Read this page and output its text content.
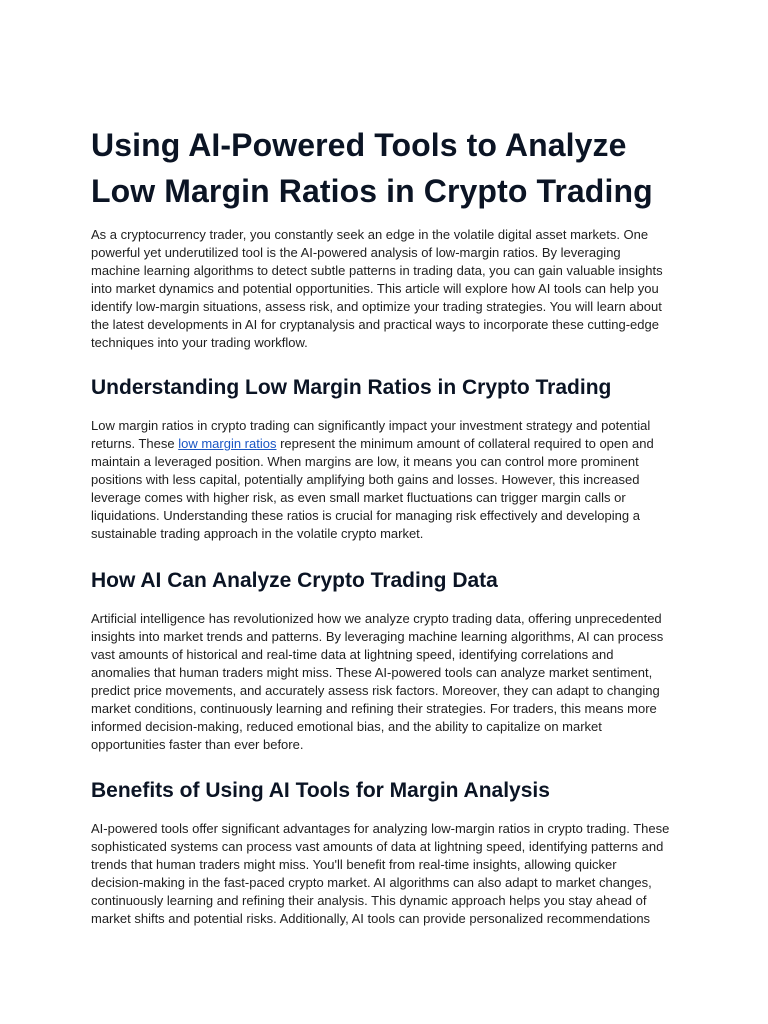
Using AI-Powered Tools to Analyze
Low Margin Ratios in Crypto Trading
As a cryptocurrency trader, you constantly seek an edge in the volatile digital asset markets. One
powerful yet underutilized tool is the AI-powered analysis of low-margin ratios. By leveraging
machine learning algorithms to detect subtle patterns in trading data, you can gain valuable insights
into market dynamics and potential opportunities. This article will explore how AI tools can help you
identify low-margin situations, assess risk, and optimize your trading strategies. You will learn about
the latest developments in AI for cryptanalysis and practical ways to incorporate these cutting-edge
techniques into your trading workflow.
Understanding Low Margin Ratios in Crypto Trading
Low margin ratios in crypto trading can significantly impact your investment strategy and potential
returns. These low margin ratios represent the minimum amount of collateral required to open and
maintain a leveraged position. When margins are low, it means you can control more prominent
positions with less capital, potentially amplifying both gains and losses. However, this increased
leverage comes with higher risk, as even small market fluctuations can trigger margin calls or
liquidations. Understanding these ratios is crucial for managing risk effectively and developing a
sustainable trading approach in the volatile crypto market.
How AI Can Analyze Crypto Trading Data
Artificial intelligence has revolutionized how we analyze crypto trading data, offering unprecedented
insights into market trends and patterns. By leveraging machine learning algorithms, AI can process
vast amounts of historical and real-time data at lightning speed, identifying correlations and
anomalies that human traders might miss. These AI-powered tools can analyze market sentiment,
predict price movements, and accurately assess risk factors. Moreover, they can adapt to changing
market conditions, continuously learning and refining their strategies. For traders, this means more
informed decision-making, reduced emotional bias, and the ability to capitalize on market
opportunities faster than ever before.
Benefits of Using AI Tools for Margin Analysis
AI-powered tools offer significant advantages for analyzing low-margin ratios in crypto trading. These
sophisticated systems can process vast amounts of data at lightning speed, identifying patterns and
trends that human traders might miss. You'll benefit from real-time insights, allowing quicker
decision-making in the fast-paced crypto market. AI algorithms can also adapt to market changes,
continuously learning and refining their analysis. This dynamic approach helps you stay ahead of
market shifts and potential risks. Additionally, AI tools can provide personalized recommendations
